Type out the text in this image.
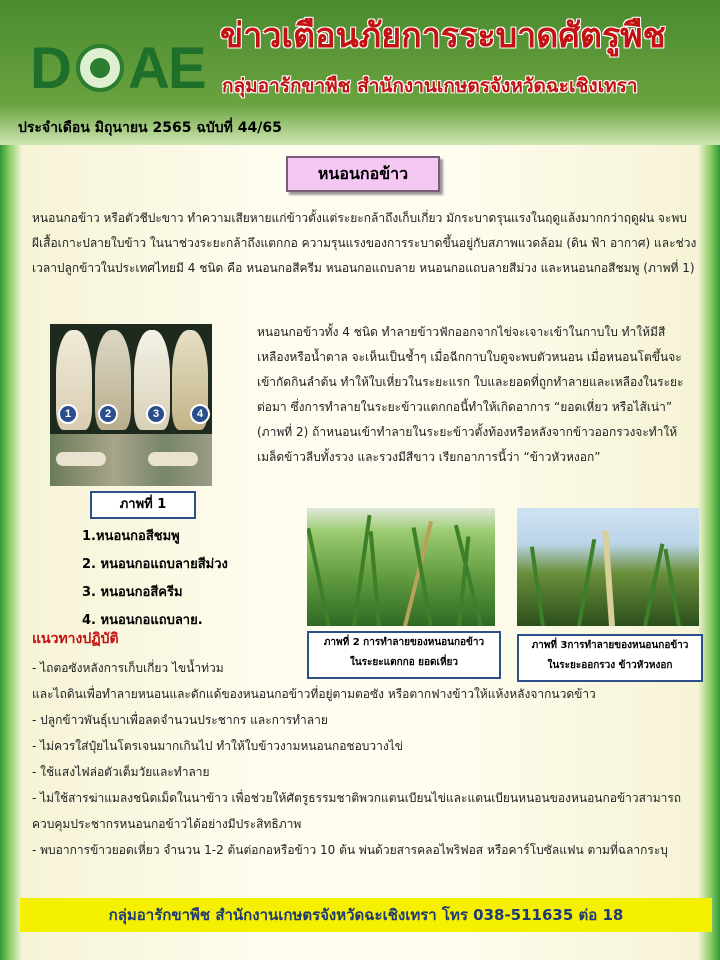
D AE ข่าวเตือนภัยการระบาดศัตรูพืช
กลุ่มอารักขาพืช สำนักงานเกษตรจังหวัดฉะเชิงเทรา
ประจำเดือน มิถุนายน 2565 ฉบับที่ 44/65
หนอนกอข้าว
หนอนกอข้าว หรือตัวชีปะขาว ทำความเสียหายแก่ข้าวตั้งแต่ระยะกล้าถึงเก็บเกี่ยว มักระบาดรุนแรงในฤดูแล้งมากกว่าฤดูฝน จะพบผีเสื้อเกาะปลายใบข้าว ในนาช่วงระยะกล้าถึงแตกกอ ความรุนแรงของการระบาดขึ้นอยู่กับสภาพแวดล้อม (ดิน ฟ้า อากาศ) และช่วงเวลาปลูกข้าวในประเทศไทยมี 4 ชนิด คือ หนอนกอสีครีม หนอนกอแถบลาย หนอนกอแถบลายสีม่วง และหนอนกอสีชมพู (ภาพที่ 1)
1	2	3	4
หนอนกอข้าวทั้ง 4 ชนิด ทำลายข้าวฟักออกจากไข่จะเจาะเข้าในกาบใบ ทำให้มีสีเหลืองหรือน้ำตาล จะเห็นเป็นช้ำๆ เมื่อฉีกกาบใบดูจะพบตัวหนอน เมื่อหนอนโตขึ้นจะเข้ากัดกินลำต้น ทำให้ใบเหี่ยวในระยะแรก ใบและยอดที่ถูกทำลายและเหลืองในระยะต่อมา ซึ่งการทำลายในระยะข้าวแตกกอนี้ทำให้เกิดอาการ “ยอดเหี่ยว หรือไส้เน่า” (ภาพที่ 2) ถ้าหนอนเข้าทำลายในระยะข้าวตั้งท้องหรือหลังจากข้าวออกรวงจะทำให้เมล็ดข้าวลีบทั้งรวง และรวงมีสีขาว เรียกอาการนี้ว่า “ข้าวหัวหงอก”
ภาพที่ 1
1.หนอนกอสีชมพู
2. หนอนกอแถบลายสีม่วง
3. หนอนกอสีครีม
4. หนอนกอแถบลาย.
ภาพที่ 2 การทำลายของหนอนกอข้าว
ในระยะแตกกอ ยอดเหี่ยว
ภาพที่ 3การทำลายของหนอนกอข้าว
ในระยะออกรวง ข้าวหัวหงอก
แนวทางปฏิบัติ
- ไถตอซังหลังการเก็บเกี่ยว ไขน้ำท่วม
และไถดินเพื่อทำลายหนอนและดักแด้ของหนอนกอข้าวที่อยู่ตามตอซัง หรือตากฟางข้าวให้แห้งหลังจากนวดข้าว
- ปลูกข้าวพันธุ์เบาเพื่อลดจำนวนประชากร และการทำลาย
- ไม่ควรใส่ปุ๋ยไนโตรเจนมากเกินไป ทำให้ใบข้าวงามหนอนกอชอบวางไข่
- ใช้แสงไฟล่อตัวเต็มวัยและทำลาย
- ไม่ใช้สารฆ่าแมลงชนิดเม็ดในนาข้าว เพื่อช่วยให้ศัตรูธรรมชาติพวกแตนเบียนไข่และแตนเบียนหนอนของหนอนกอข้าวสามารถควบคุมประชากรหนอนกอข้าวได้อย่างมีประสิทธิภาพ
- พบอาการข้าวยอดเหี่ยว จำนวน 1-2 ต้นต่อกอหรือข้าว 10 ต้น พ่นด้วยสารคลอไพริฟอส หรือคาร์โบซัลแฟน ตามที่ฉลากระบุ
กลุ่มอารักขาพืช สำนักงานเกษตรจังหวัดฉะเชิงเทรา โทร 038-511635 ต่อ 18
